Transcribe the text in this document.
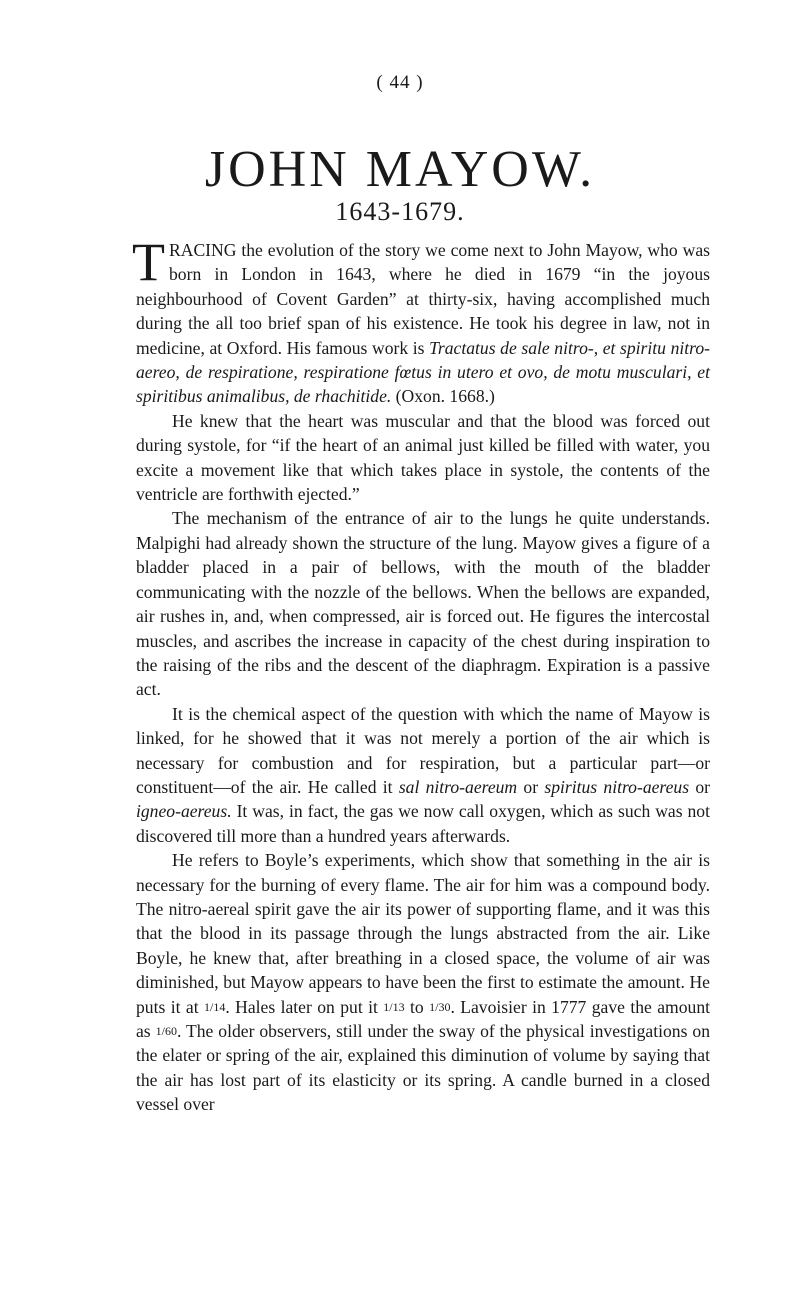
( 44 )
JOHN MAYOW.
1643-1679.

TRACING the evolution of the story we come next to John Mayow, who was born in London in 1643, where he died in 1679 “in the joyous neighbourhood of Covent Garden” at thirty-six, having accomplished much during the all too brief span of his existence. He took his degree in law, not in medicine, at Oxford. His famous work is Tractatus de sale nitro-, et spiritu nitro-aereo, de respiratione, respiratione fœtus in utero et ovo, de motu musculari, et spiritibus animalibus, de rhachitide. (Oxon. 1668.)

He knew that the heart was muscular and that the blood was forced out during systole, for “if the heart of an animal just killed be filled with water, you excite a movement like that which takes place in systole, the contents of the ventricle are forthwith ejected.”

The mechanism of the entrance of air to the lungs he quite understands. Malpighi had already shown the structure of the lung. Mayow gives a figure of a bladder placed in a pair of bellows, with the mouth of the bladder communicating with the nozzle of the bellows. When the bellows are expanded, air rushes in, and, when compressed, air is forced out. He figures the intercostal muscles, and ascribes the increase in capacity of the chest during inspiration to the raising of the ribs and the descent of the diaphragm. Expiration is a passive act.

It is the chemical aspect of the question with which the name of Mayow is linked, for he showed that it was not merely a portion of the air which is necessary for combustion and for respiration, but a particular part—or constituent—of the air. He called it sal nitro-aereum or spiritus nitro-aereus or igneo-aereus. It was, in fact, the gas we now call oxygen, which as such was not discovered till more than a hundred years afterwards.

He refers to Boyle’s experiments, which show that something in the air is necessary for the burning of every flame. The air for him was a compound body. The nitro-aereal spirit gave the air its power of supporting flame, and it was this that the blood in its passage through the lungs abstracted from the air. Like Boyle, he knew that, after breathing in a closed space, the volume of air was diminished, but Mayow appears to have been the first to estimate the amount. He puts it at 1/14. Hales later on put it 1/13 to 1/30. Lavoisier in 1777 gave the amount as 1/60. The older observers, still under the sway of the physical investigations on the elater or spring of the air, explained this diminution of volume by saying that the air has lost part of its elasticity or its spring. A candle burned in a closed vessel over
